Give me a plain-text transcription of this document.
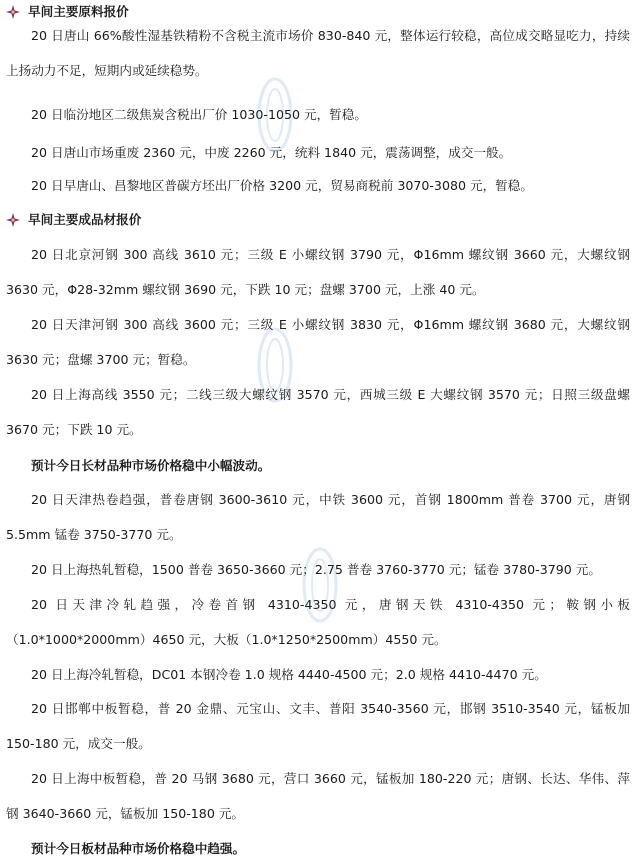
早间主要原料报价

20 日唐山 66%酸性湿基铁精粉不含税主流市场价 830-840 元，整体运行较稳，高位成交略显吃力，持续上扬动力不足，短期内或延续稳势。

20 日临汾地区二级焦炭含税出厂价 1030-1050 元，暂稳。

20 日唐山市场重废 2360 元，中废 2260 元，统料 1840 元，震荡调整，成交一般。

20 日早唐山、昌黎地区普碳方坯出厂价格 3200 元，贸易商税前 3070-3080 元，暂稳。

早间主要成品材报价

20 日北京河钢 300 高线 3610 元；三级 E 小螺纹钢 3790 元，Φ16mm 螺纹钢 3660 元，大螺纹钢 3630 元，Φ28-32mm 螺纹钢 3690 元，下跌 10 元；盘螺 3700 元，上涨 40 元。

20 日天津河钢 300 高线 3600 元；三级 E 小螺纹钢 3830 元，Φ16mm 螺纹钢 3680 元，大螺纹钢 3630 元；盘螺 3700 元；暂稳。

20 日上海高线 3550 元；二线三级大螺纹钢 3570 元，西城三级 E 大螺纹钢 3570 元；日照三级盘螺 3670 元；下跌 10 元。

预计今日长材品种市场价格稳中小幅波动。

20 日天津热卷趋强，普卷唐钢 3600-3610 元，中铁 3600 元，首钢 1800mm 普卷 3700 元，唐钢 5.5mm 锰卷 3750-3770 元。

20 日上海热轧暂稳，1500 普卷 3650-3660 元；2.75 普卷 3760-3770 元；锰卷 3780-3790 元。

20 日天津冷轧趋强，冷卷首钢 4310-4350 元，唐钢天铁 4310-4350 元；鞍钢小板（1.0*1000*2000mm）4650 元，大板（1.0*1250*2500mm）4550 元。

20 日上海冷轧暂稳，DC01 本钢冷卷 1.0 规格 4440-4500 元；2.0 规格 4410-4470 元。

20 日邯郸中板暂稳，普 20 金鼎、元宝山、文丰、普阳 3540-3560 元，邯钢 3510-3540 元，锰板加 150-180 元，成交一般。

20 日上海中板暂稳，普 20 马钢 3680 元，营口 3660 元，锰板加 180-220 元；唐钢、长达、华伟、萍钢 3640-3660 元，锰板加 150-180 元。

预计今日板材品种市场价格稳中趋强。
